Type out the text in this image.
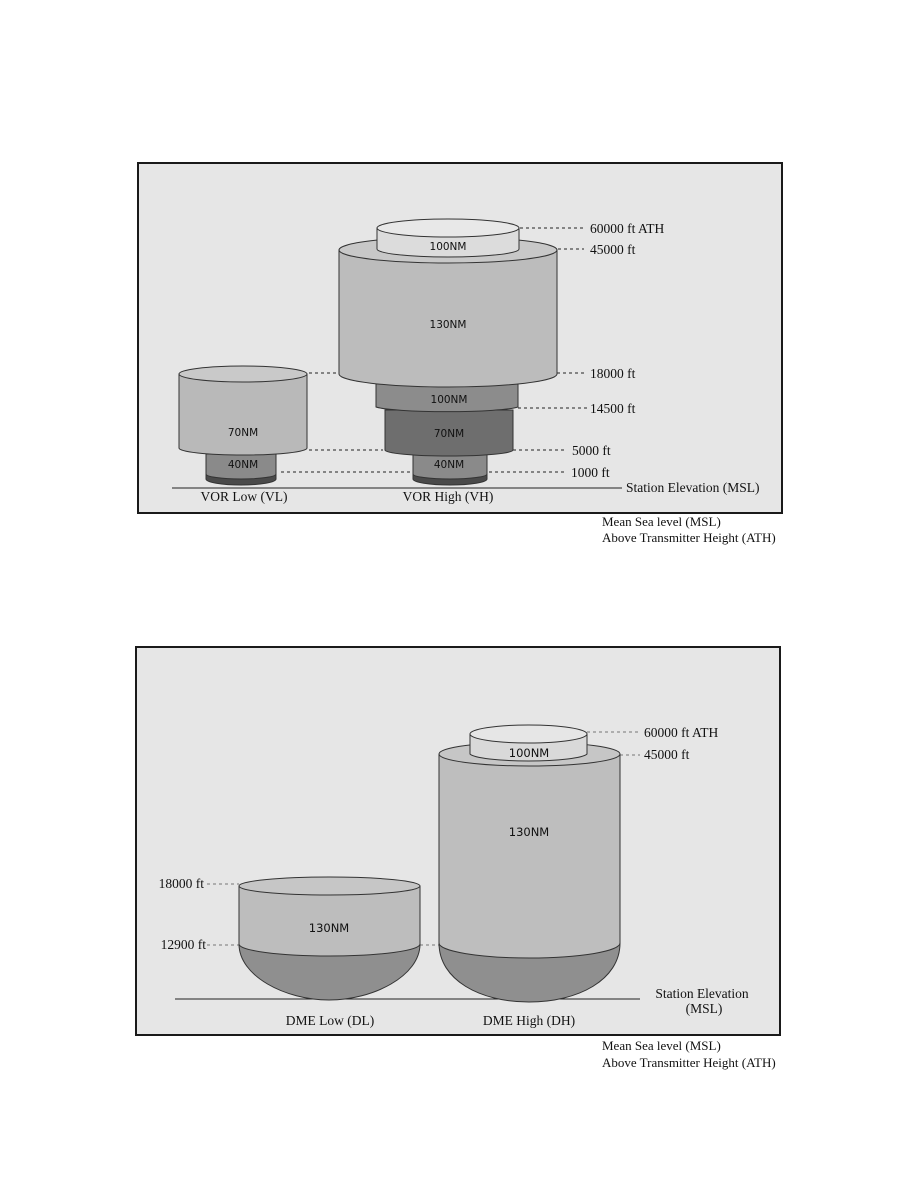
70NM
40NM
100NM
130NM
100NM
70NM
40NM
60000 ft ATH
45000 ft
18000 ft
14500 ft
5000 ft
1000 ft
Station Elevation (MSL)
VOR Low (VL)	VOR High (VH)
Mean Sea level (MSL)
Above Transmitter Height (ATH)
130NM
100NM
130NM
60000 ft ATH
45000 ft
18000 ft
12900 ft
Station Elevation
(MSL)
DME Low (DL)	DME High (DH)
Mean Sea level (MSL)
Above Transmitter Height (ATH)
